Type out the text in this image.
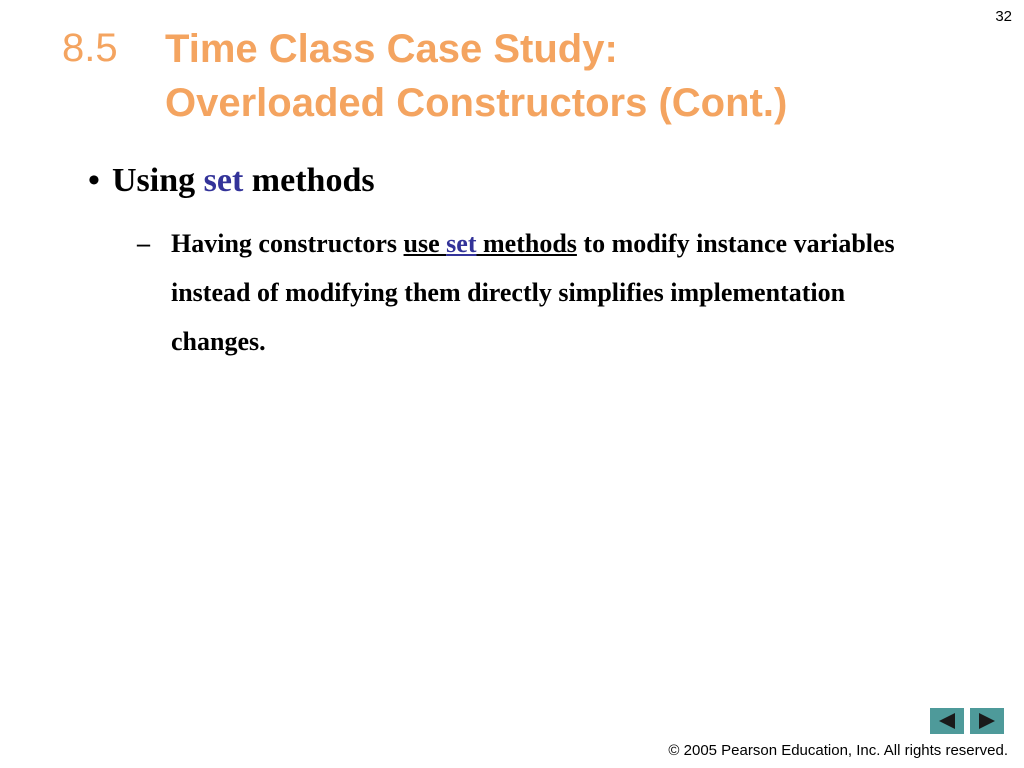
32
8.5 Time Class Case Study:
Overloaded Constructors (Cont.)
• Using set methods
– Having constructors use set methods to modify instance variables instead of modifying them directly simplifies implementation changes.
© 2005 Pearson Education, Inc. All rights reserved.
